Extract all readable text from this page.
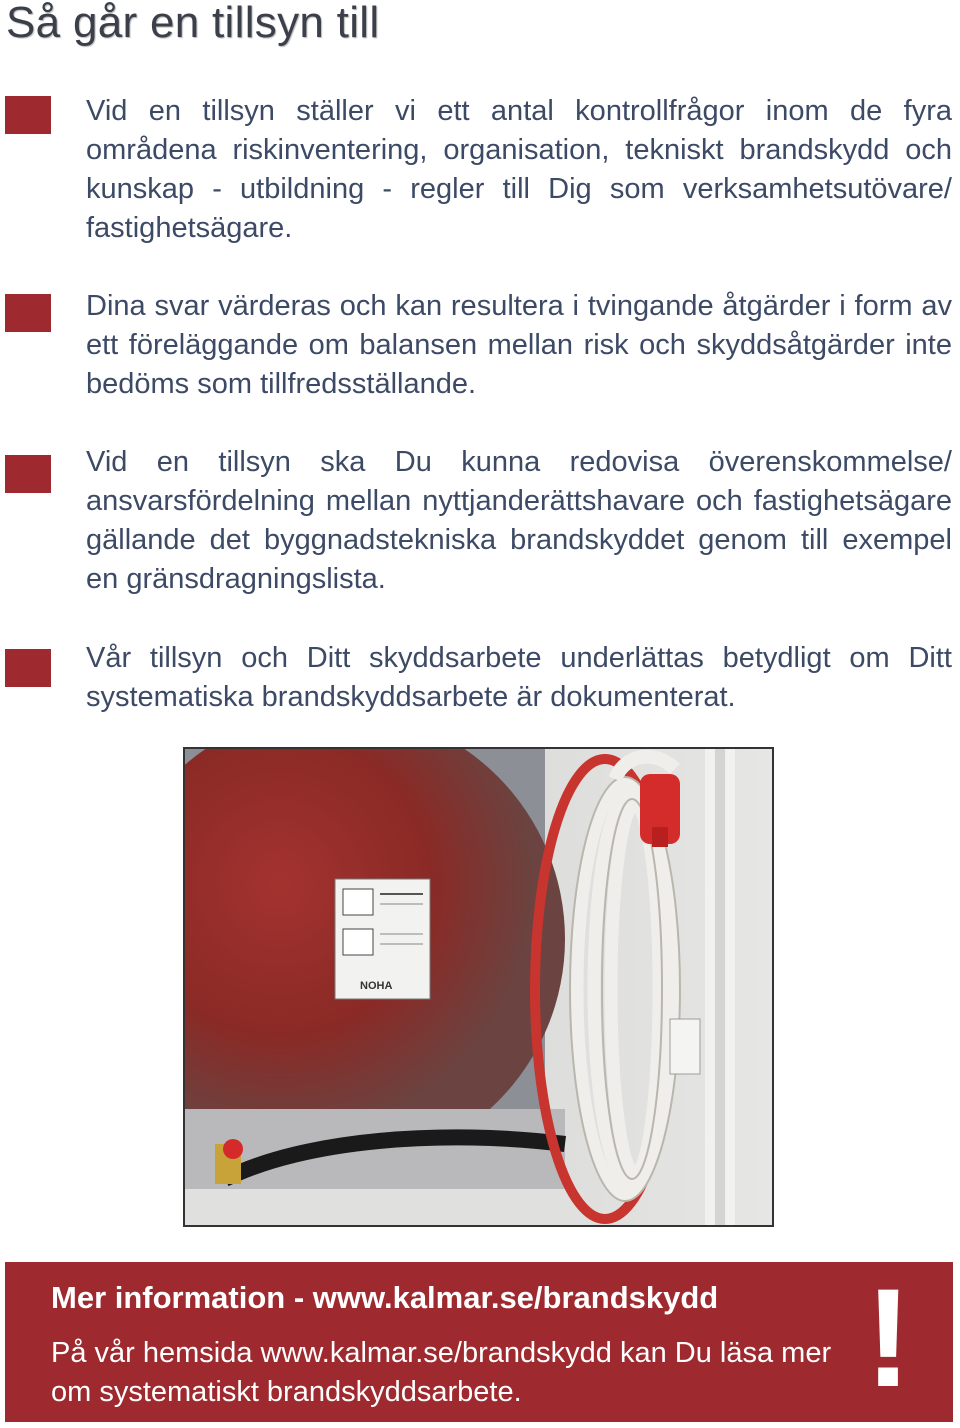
Så går en tillsyn till

Vid en tillsyn ställer vi ett antal kontrollfrågor inom de fyra områdena riskinventering, organisation, tekniskt brandskydd och kunskap - utbildning - regler till Dig som verksamhetsutövare/ fastighetsägare.

Dina svar värderas och kan resultera i tvingande åtgärder i form av ett föreläggande om balansen mellan risk och skyddsåtgärder inte bedöms som tillfredsställande.

Vid en tillsyn ska Du kunna redovisa överenskommelse/ ansvarsfördelning mellan nyttjanderättshavare och fastighetsägare gällande det byggnadstekniska brandskyddet genom till exempel en gränsdragningslista.

Vår tillsyn och Ditt skyddsarbete underlättas betydligt om Ditt systematiska brandskyddsarbete är dokumenterat.

NOHA
Mer information - www.kalmar.se/brandskydd

På vår hemsida www.kalmar.se/brandskydd kan Du läsa mer om systematiskt brandskyddsarbete.	!
